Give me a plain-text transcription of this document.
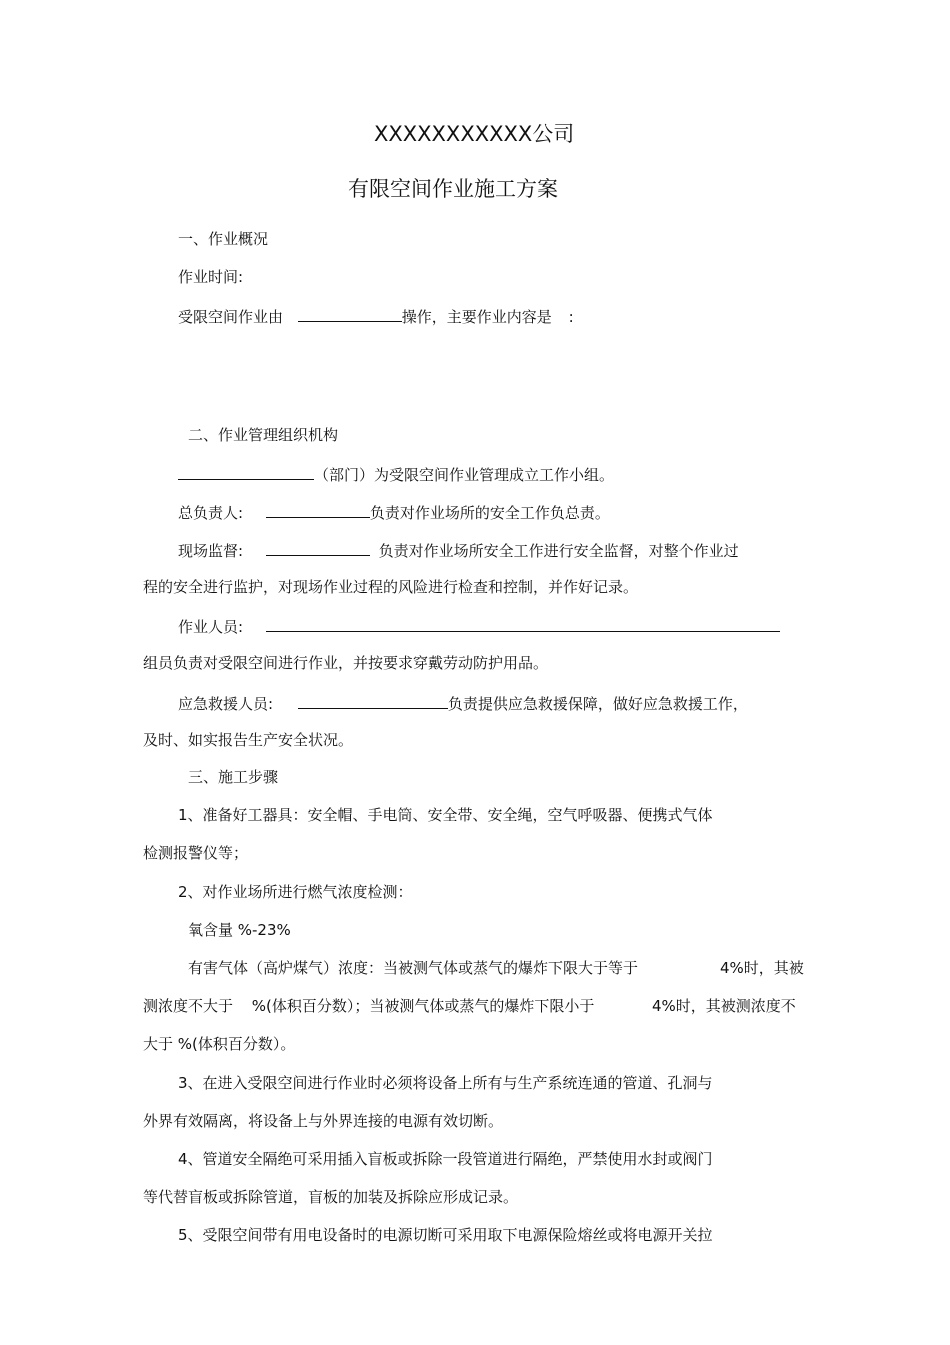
XXXXXXXXXXX公司
有限空间作业施工方案
一、作业概况
作业时间:
受限空间作业由	操作，主要作业内容是 :
二、作业管理组织机构
（部门）为受限空间作业管理成立工作小组。
总负责人:	负责对作业场所的安全工作负总责。
现场监督:	负责对作业场所安全工作进行安全监督，对整个作业过
程的安全进行监护，对现场作业过程的风险进行检查和控制，并作好记录。
作业人员:
组员负责对受限空间进行作业，并按要求穿戴劳动防护用品。
应急救援人员:	负责提供应急救援保障，做好应急救援工作，
及时、如实报告生产安全状况。
三、施工步骤
1、准备好工器具：安全帽、手电筒、安全带、安全绳，空气呼吸器、便携式气体
检测报警仪等；
2、对作业场所进行燃气浓度检测：
氧含量 %-23%
有害气体（高炉煤气）浓度：当被测气体或蒸气的爆炸下限大于等于	4%时，其被
测浓度不大于 %(体积百分数）；当被测气体或蒸气的爆炸下限小于	4%时，其被测浓度不
大于 %(体积百分数）。
3、在进入受限空间进行作业时必须将设备上所有与生产系统连通的管道、孔洞与
外界有效隔离，将设备上与外界连接的电源有效切断。
4、管道安全隔绝可采用插入盲板或拆除一段管道进行隔绝，严禁使用水封或阀门
等代替盲板或拆除管道，盲板的加装及拆除应形成记录。
5、受限空间带有用电设备时的电源切断可采用取下电源保险熔丝或将电源开关拉
